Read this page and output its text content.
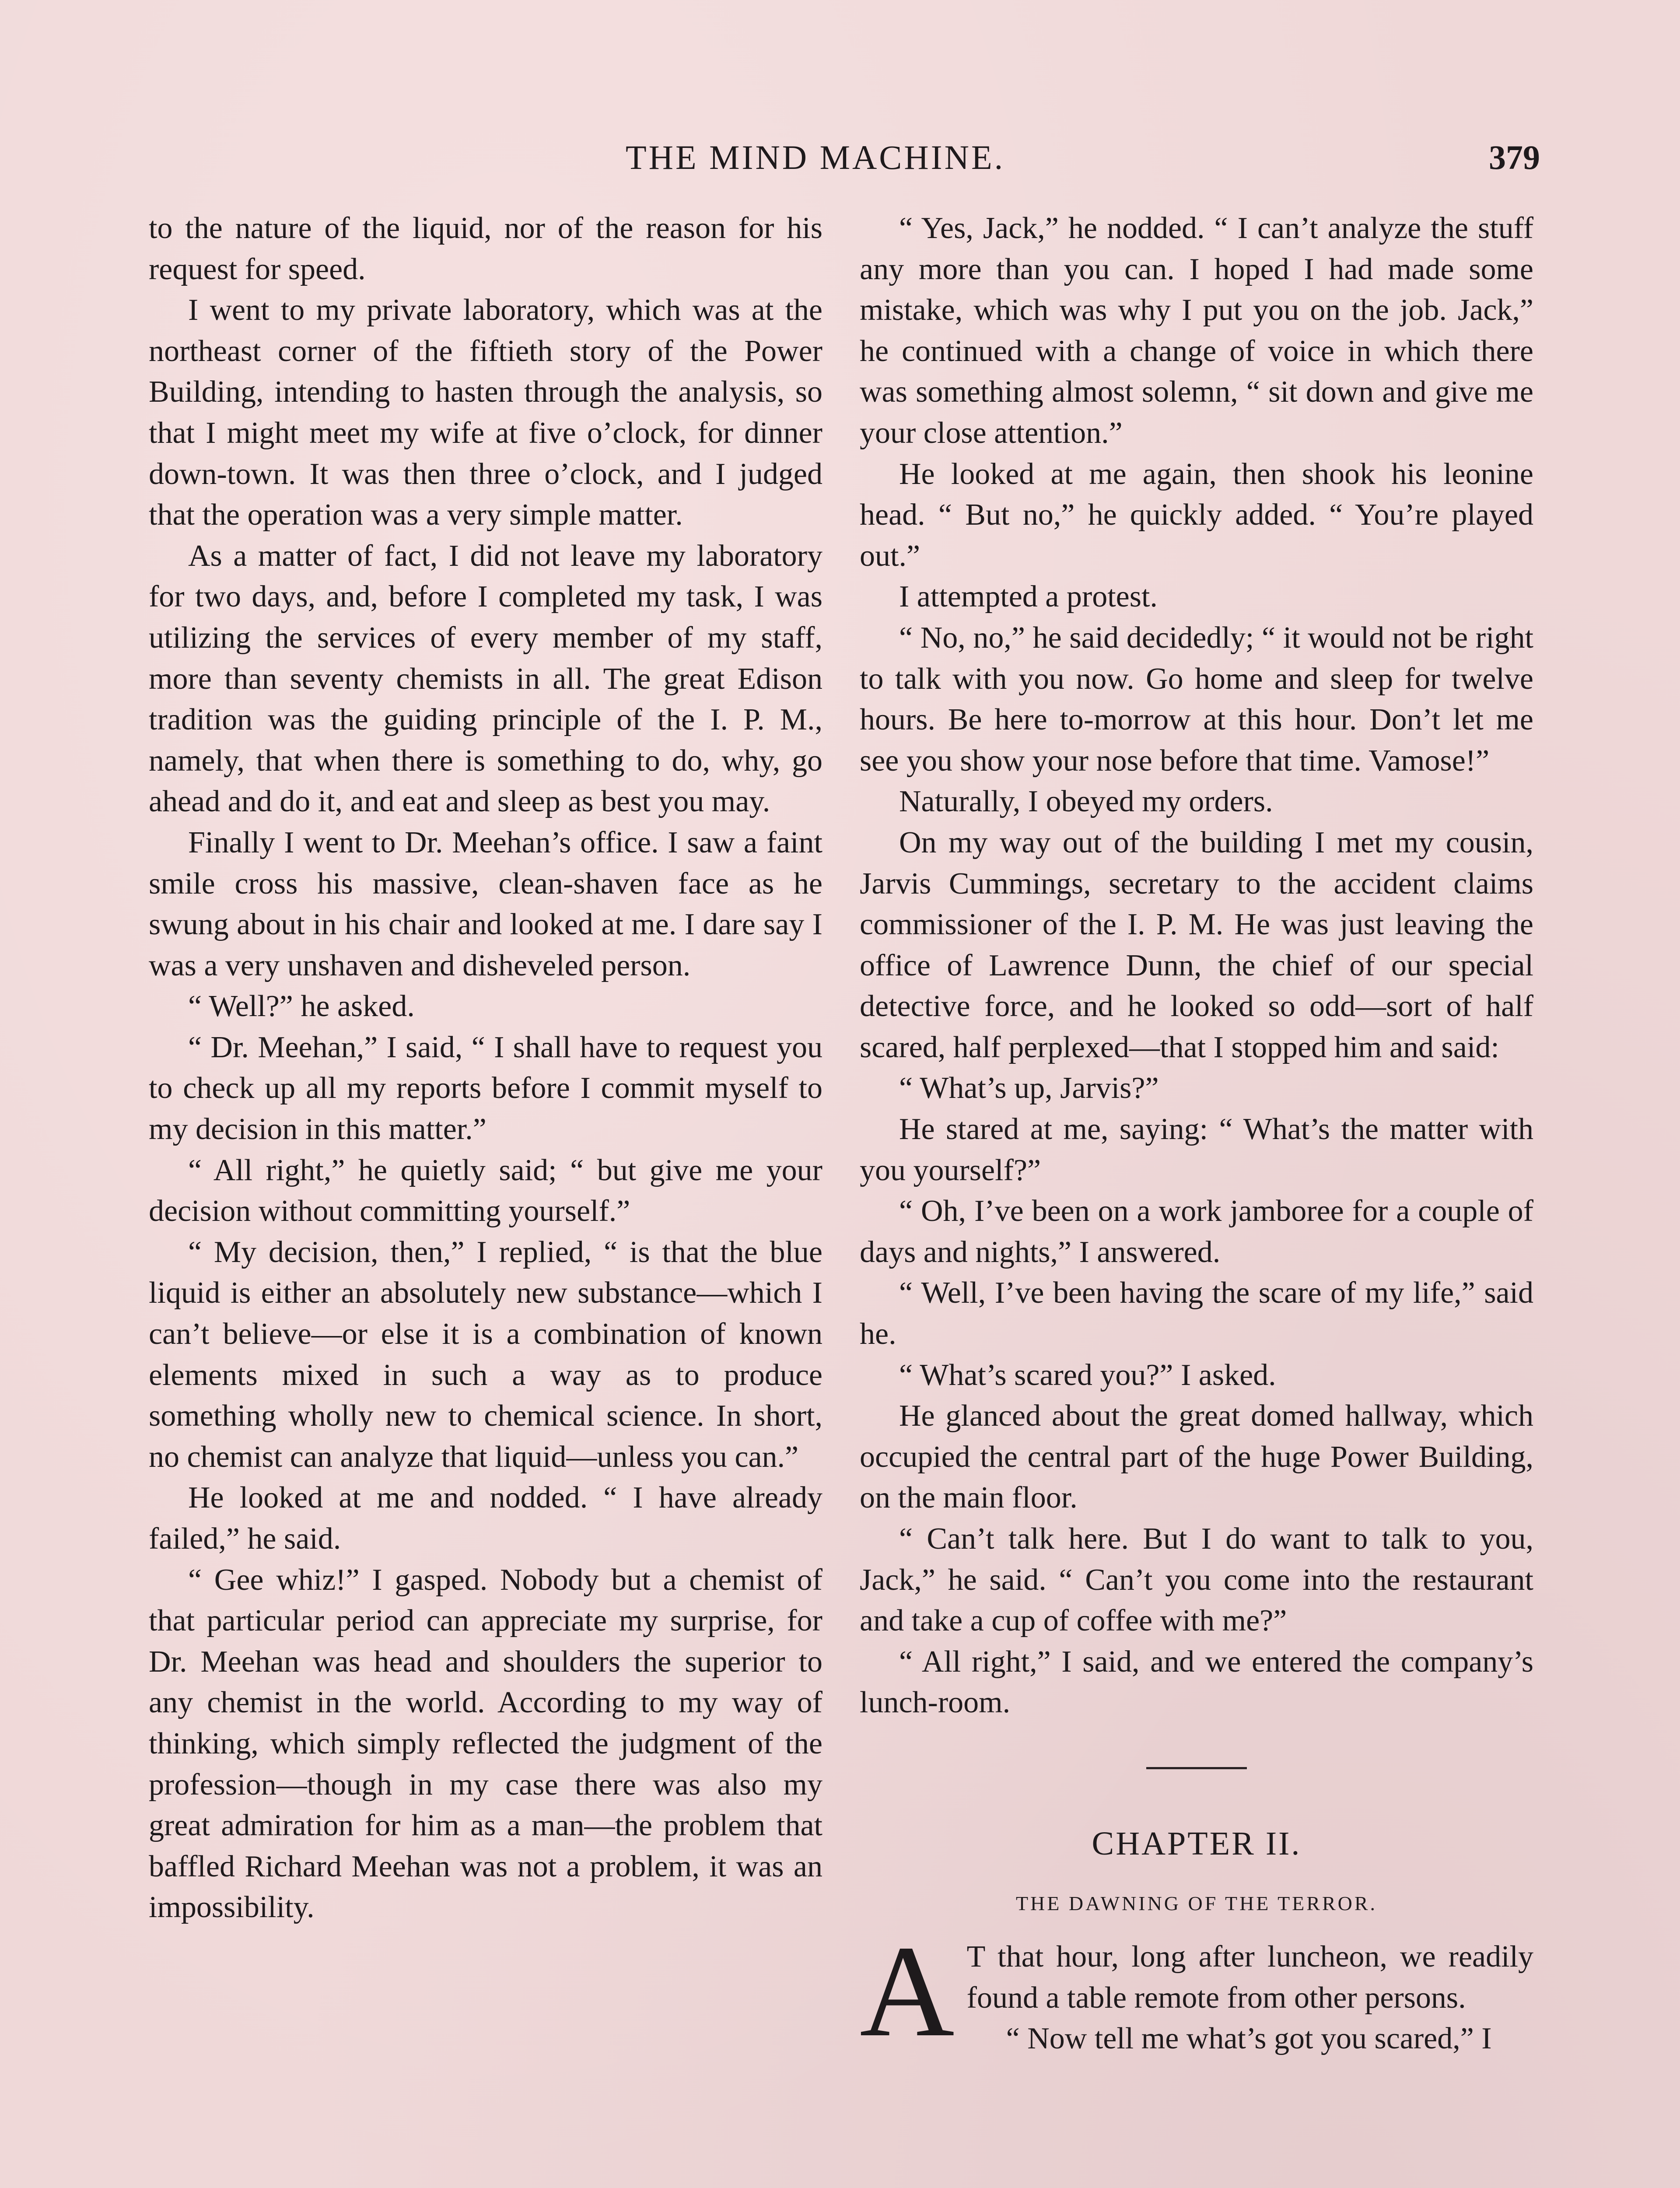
THE MIND MACHINE.	379

to the nature of the liquid, nor of the reason for his request for speed.

I went to my private laboratory, which was at the northeast corner of the fiftieth story of the Power Building, intending to hasten through the analysis, so that I might meet my wife at five o’clock, for dinner down-town. It was then three o’clock, and I judged that the operation was a very simple matter.

As a matter of fact, I did not leave my laboratory for two days, and, before I completed my task, I was utilizing the services of every member of my staff, more than seventy chemists in all. The great Edison tradition was the guiding principle of the I. P. M., namely, that when there is something to do, why, go ahead and do it, and eat and sleep as best you may.

Finally I went to Dr. Meehan’s office. I saw a faint smile cross his massive, clean-shaven face as he swung about in his chair and looked at me. I dare say I was a very unshaven and disheveled person.

“ Well?” he asked.

“ Dr. Meehan,” I said, “ I shall have to request you to check up all my reports before I commit myself to my decision in this matter.”

“ All right,” he quietly said; “ but give me your decision without committing yourself.”

“ My decision, then,” I replied, “ is that the blue liquid is either an absolutely new substance—which I can’t believe—or else it is a combination of known elements mixed in such a way as to produce something wholly new to chemical science. In short, no chemist can analyze that liquid—unless you can.”

He looked at me and nodded. “ I have already failed,” he said.

“ Gee whiz!” I gasped. Nobody but a chemist of that particular period can appreciate my surprise, for Dr. Meehan was head and shoulders the superior to any chemist in the world. According to my way of thinking, which simply reflected the judgment of the profession—though in my case there was also my great admiration for him as a man—the problem that baffled Richard Meehan was not a problem, it was an impossibility.

“ Yes, Jack,” he nodded. “ I can’t analyze the stuff any more than you can. I hoped I had made some mistake, which was why I put you on the job. Jack,” he continued with a change of voice in which there was something almost solemn, “ sit down and give me your close attention.”

He looked at me again, then shook his leonine head. “ But no,” he quickly added. “ You’re played out.”

I attempted a protest.

“ No, no,” he said decidedly; “ it would not be right to talk with you now. Go home and sleep for twelve hours. Be here to-morrow at this hour. Don’t let me see you show your nose before that time. Vamose!”

Naturally, I obeyed my orders.

On my way out of the building I met my cousin, Jarvis Cummings, secretary to the accident claims commissioner of the I. P. M. He was just leaving the office of Lawrence Dunn, the chief of our special detective force, and he looked so odd—sort of half scared, half perplexed—that I stopped him and said:

“ What’s up, Jarvis?”

He stared at me, saying: “ What’s the matter with you yourself?”

“ Oh, I’ve been on a work jamboree for a couple of days and nights,” I answered.

“ Well, I’ve been having the scare of my life,” said he.

“ What’s scared you?” I asked.

He glanced about the great domed hallway, which occupied the central part of the huge Power Building, on the main floor.

“ Can’t talk here. But I do want to talk to you, Jack,” he said. “ Can’t you come into the restaurant and take a cup of coffee with me?”

“ All right,” I said, and we entered the company’s lunch-room.

CHAPTER II.
THE DAWNING OF THE TERROR.
A T that hour, long after luncheon, we readily found a table remote from other persons.

“ Now tell me what’s got you scared,” I
